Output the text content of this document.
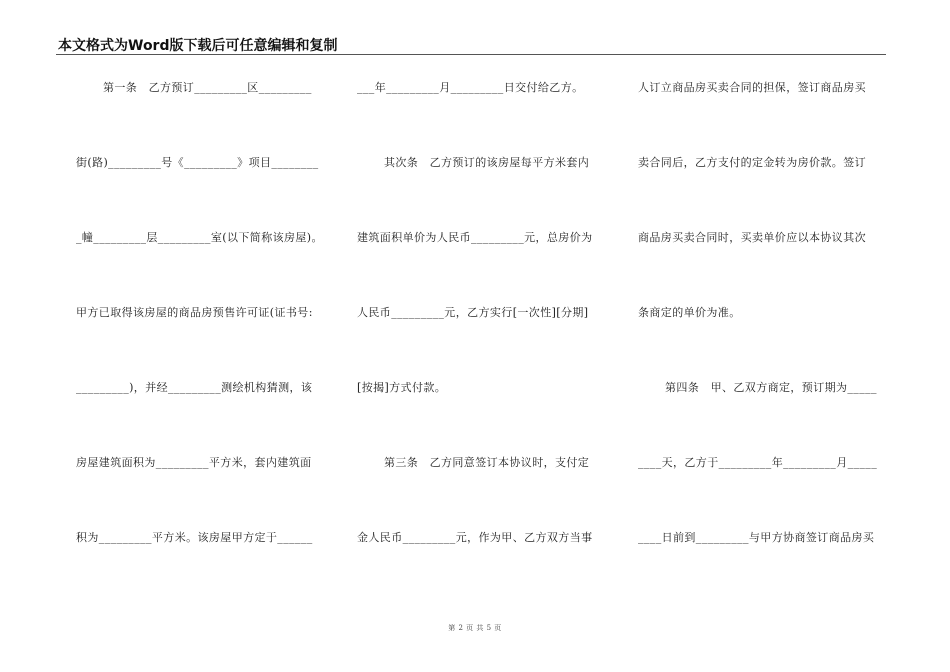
本文格式为Word版下载后可任意编辑和复制
第一条　乙方预订_________区_________
街(路)_________号《_________》项目________
_幢_________层_________室(以下简称该房屋)。
甲方已取得该房屋的商品房预售许可证(证书号:
_________)，并经_________测绘机构猜测，该
房屋建筑面积为_________平方米，套内建筑面
积为_________平方米。该房屋甲方定于______
___年_________月_________日交付给乙方。
其次条　乙方预订的该房屋每平方米套内
建筑面积单价为人民币_________元，总房价为
人民币_________元，乙方实行[一次性][分期]
[按揭]方式付款。
第三条　乙方同意签订本协议时，支付定
金人民币_________元，作为甲、乙方双方当事
人订立商品房买卖合同的担保，签订商品房买
卖合同后，乙方支付的定金转为房价款。签订
商品房买卖合同时，买卖单价应以本协议其次
条商定的单价为准。
第四条　甲、乙双方商定，预订期为_____
____天，乙方于_________年_________月_____
____日前到_________与甲方协商签订商品房买
第 2 页 共 5 页
